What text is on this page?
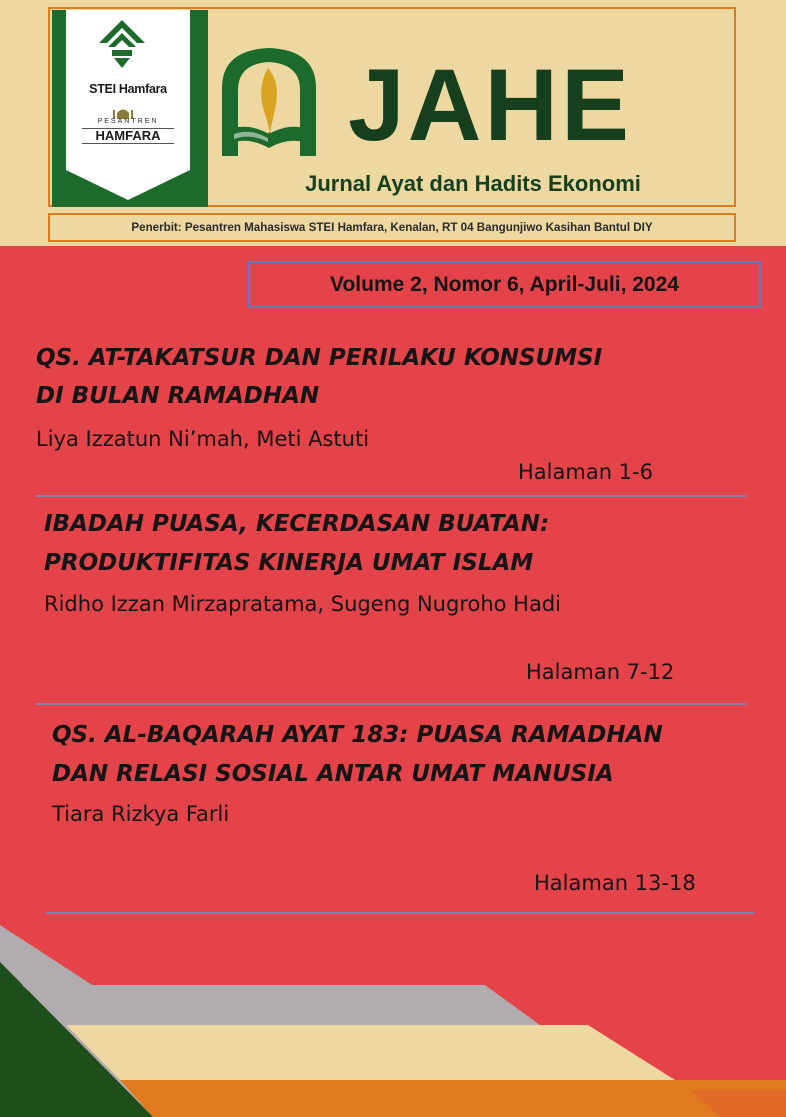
STEI Hamfara
PESANTREN
HAMFARA JAHE
Jurnal Ayat dan Hadits Ekonomi
Penerbit: Pesantren Mahasiswa STEI Hamfara, Kenalan, RT 04 Bangunjiwo Kasihan Bantul DIY
Volume 2, Nomor 6, April-Juli, 2024
QS. AT-TAKATSUR DAN PERILAKU KONSUMSI
DI BULAN RAMADHAN
Liya Izzatun Ni’mah, Meti Astuti
Halaman 1-6
IBADAH PUASA, KECERDASAN BUATAN:
PRODUKTIFITAS KINERJA UMAT ISLAM
Ridho Izzan Mirzapratama, Sugeng Nugroho Hadi
Halaman 7-12
QS. AL-BAQARAH AYAT 183: PUASA RAMADHAN
DAN RELASI SOSIAL ANTAR UMAT MANUSIA
Tiara Rizkya Farli
Halaman 13-18
